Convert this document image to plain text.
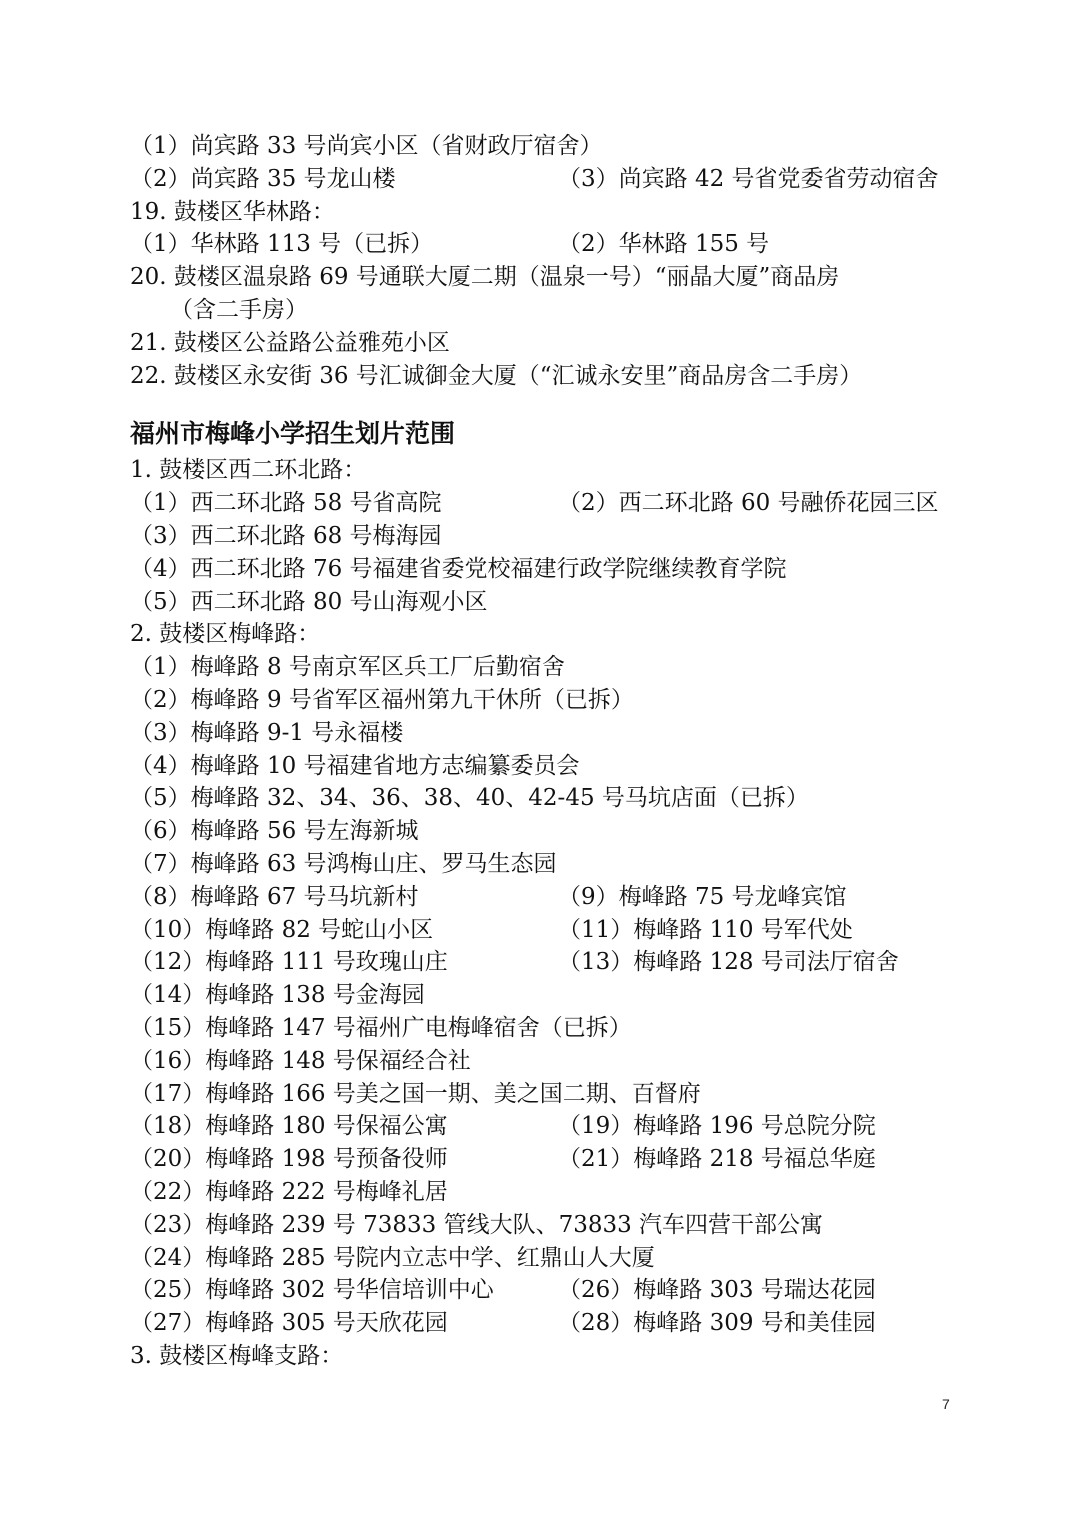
（1）尚宾路 33 号尚宾小区（省财政厅宿舍）
（2）尚宾路 35 号龙山楼	（3）尚宾路 42 号省党委省劳动宿舍
19. 鼓楼区华林路：
（1）华林路 113 号（已拆）	（2）华林路 155 号
20. 鼓楼区温泉路 69 号通联大厦二期（温泉一号）“丽晶大厦”商品房
（含二手房）
21. 鼓楼区公益路公益雅苑小区
22. 鼓楼区永安街 36 号汇诚御金大厦（“汇诚永安里”商品房含二手房）
福州市梅峰小学招生划片范围
1. 鼓楼区西二环北路：
（1）西二环北路 58 号省高院	（2）西二环北路 60 号融侨花园三区
（3）西二环北路 68 号梅海园
（4）西二环北路 76 号福建省委党校福建行政学院继续教育学院
（5）西二环北路 80 号山海观小区
2. 鼓楼区梅峰路：
（1）梅峰路 8 号南京军区兵工厂后勤宿舍
（2）梅峰路 9 号省军区福州第九干休所（已拆）
（3）梅峰路 9-1 号永福楼
（4）梅峰路 10 号福建省地方志编纂委员会
（5）梅峰路 32、34、36、38、40、42-45 号马坑店面（已拆）
（6）梅峰路 56 号左海新城
（7）梅峰路 63 号鸿梅山庄、罗马生态园
（8）梅峰路 67 号马坑新村	（9）梅峰路 75 号龙峰宾馆
（10）梅峰路 82 号蛇山小区	（11）梅峰路 110 号军代处
（12）梅峰路 111 号玫瑰山庄	（13）梅峰路 128 号司法厅宿舍
（14）梅峰路 138 号金海园
（15）梅峰路 147 号福州广电梅峰宿舍（已拆）
（16）梅峰路 148 号保福经合社
（17）梅峰路 166 号美之国一期、美之国二期、百督府
（18）梅峰路 180 号保福公寓	（19）梅峰路 196 号总院分院
（20）梅峰路 198 号预备役师	（21）梅峰路 218 号福总华庭
（22）梅峰路 222 号梅峰礼居
（23）梅峰路 239 号 73833 管线大队、73833 汽车四营干部公寓
（24）梅峰路 285 号院内立志中学、红鼎山人大厦
（25）梅峰路 302 号华信培训中心	（26）梅峰路 303 号瑞达花园
（27）梅峰路 305 号天欣花园	（28）梅峰路 309 号和美佳园
3. 鼓楼区梅峰支路：
7
